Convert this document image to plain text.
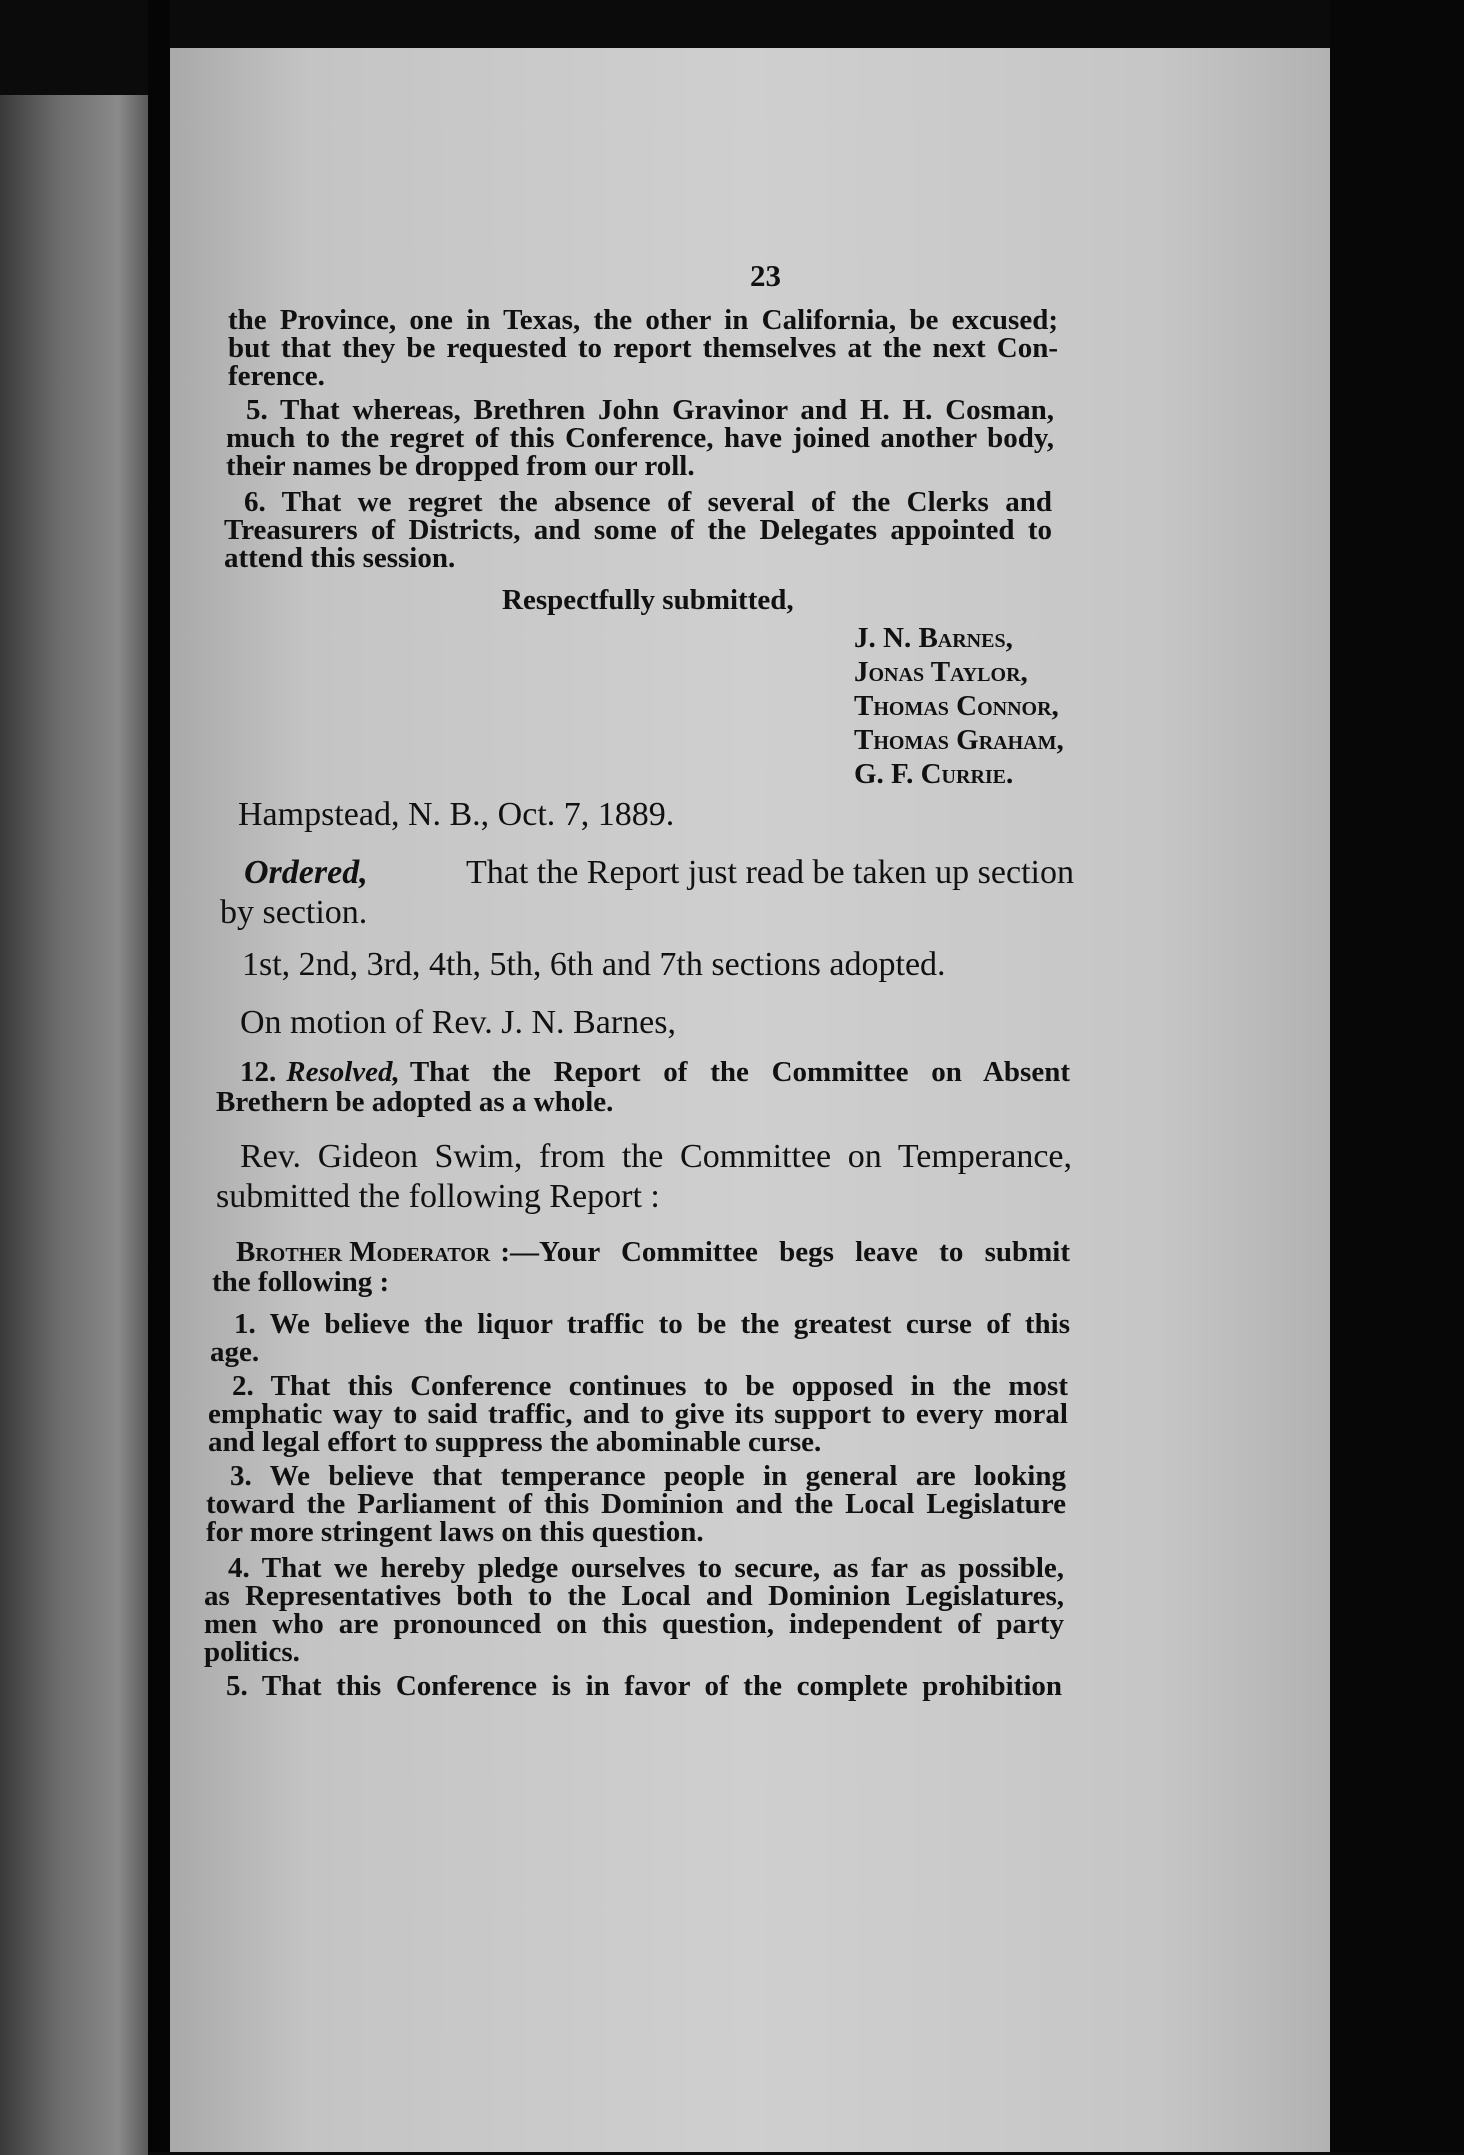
23
the Province, one in Texas, the other in California, be excused;
but that they be requested to report themselves at the next Con-
ference.
5. That whereas, Brethren John Gravinor and H. H. Cosman,
much to the regret of this Conference, have joined another body,
their names be dropped from our roll.
6. That we regret the absence of several of the Clerks and
Treasurers of Districts, and some of the Delegates appointed to
attend this session.
Respectfully submitted,
J. N. Barnes,
Jonas Taylor,
Thomas Connor,
Thomas Graham,
G. F. Currie.
Hampstead, N. B., Oct. 7, 1889.
Ordered,	That the Report just read be taken up section
by section.
1st, 2nd, 3rd, 4th, 5th, 6th and 7th sections adopted.
On motion of Rev. J. N. Barnes,
12. Resolved, That the Report of the Committee on Absent
Brethern be adopted as a whole.
Rev. Gideon Swim, from the Committee on Temperance,
submitted the following Report :
Brother Moderator :—Your Committee begs leave to submit
the following :
1. We believe the liquor traffic to be the greatest curse of this
age.
2. That this Conference continues to be opposed in the most
emphatic way to said traffic, and to give its support to every moral
and legal effort to suppress the abominable curse.
3. We believe that temperance people in general are looking
toward the Parliament of this Dominion and the Local Legislature
for more stringent laws on this question.
4. That we hereby pledge ourselves to secure, as far as possible,
as Representatives both to the Local and Dominion Legislatures,
men who are pronounced on this question, independent of party
politics.
5. That this Conference is in favor of the complete prohibition
